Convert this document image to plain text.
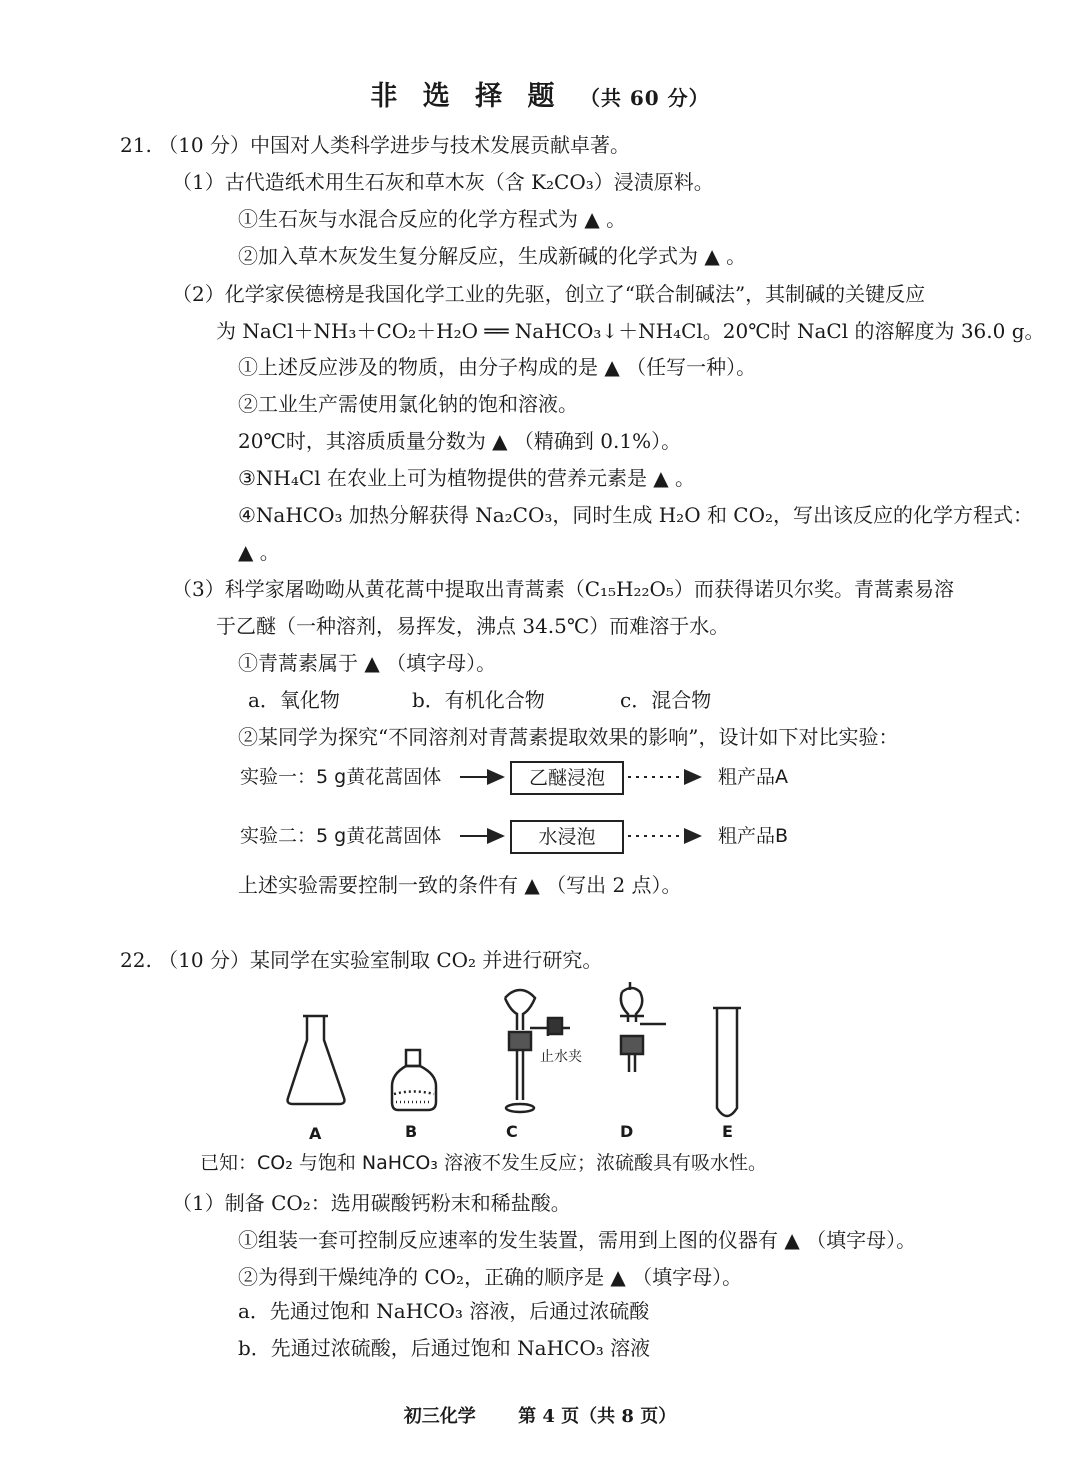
非 选 择 题 （共 60 分）
21. （10 分）中国对人类科学进步与技术发展贡献卓著。
（1）古代造纸术用生石灰和草木灰（含 K₂CO₃）浸渍原料。
①生石灰与水混合反应的化学方程式为 ▲ 。
②加入草木灰发生复分解反应，生成新碱的化学式为 ▲ 。
（2）化学家侯德榜是我国化学工业的先驱，创立了“联合制碱法”，其制碱的关键反应
为 NaCl＋NH₃＋CO₂＋H₂O ══ NaHCO₃↓＋NH₄Cl。20℃时 NaCl 的溶解度为 36.0 g。
①上述反应涉及的物质，由分子构成的是 ▲ （任写一种）。
②工业生产需使用氯化钠的饱和溶液。
20℃时，其溶质质量分数为 ▲ （精确到 0.1%）。
③NH₄Cl 在农业上可为植物提供的营养元素是 ▲ 。
④NaHCO₃ 加热分解获得 Na₂CO₃，同时生成 H₂O 和 CO₂，写出该反应的化学方程式：
▲ 。
（3）科学家屠呦呦从黄花蒿中提取出青蒿素（C₁₅H₂₂O₅）而获得诺贝尔奖。青蒿素易溶
于乙醚（一种溶剂，易挥发，沸点 34.5℃）而难溶于水。
①青蒿素属于 ▲ （填字母）。
a．氧化物	b．有机化合物	c．混合物
②某同学为探究“不同溶剂对青蒿素提取效果的影响”，设计如下对比实验：
实验一：5 g黄花蒿固体	乙醚浸泡	粗产品A
实验二：5 g黄花蒿固体	水浸泡	粗产品B
上述实验需要控制一致的条件有 ▲ （写出 2 点）。
22. （10 分）某同学在实验室制取 CO₂ 并进行研究。
止水夹
A	B	C	D	E
已知：CO₂ 与饱和 NaHCO₃ 溶液不发生反应；浓硫酸具有吸水性。
（1）制备 CO₂：选用碳酸钙粉末和稀盐酸。
①组装一套可控制反应速率的发生装置，需用到上图的仪器有 ▲ （填字母）。
②为得到干燥纯净的 CO₂，正确的顺序是 ▲ （填字母）。
a．先通过饱和 NaHCO₃ 溶液，后通过浓硫酸
b．先通过浓硫酸，后通过饱和 NaHCO₃ 溶液
初三化学 第 4 页（共 8 页）
